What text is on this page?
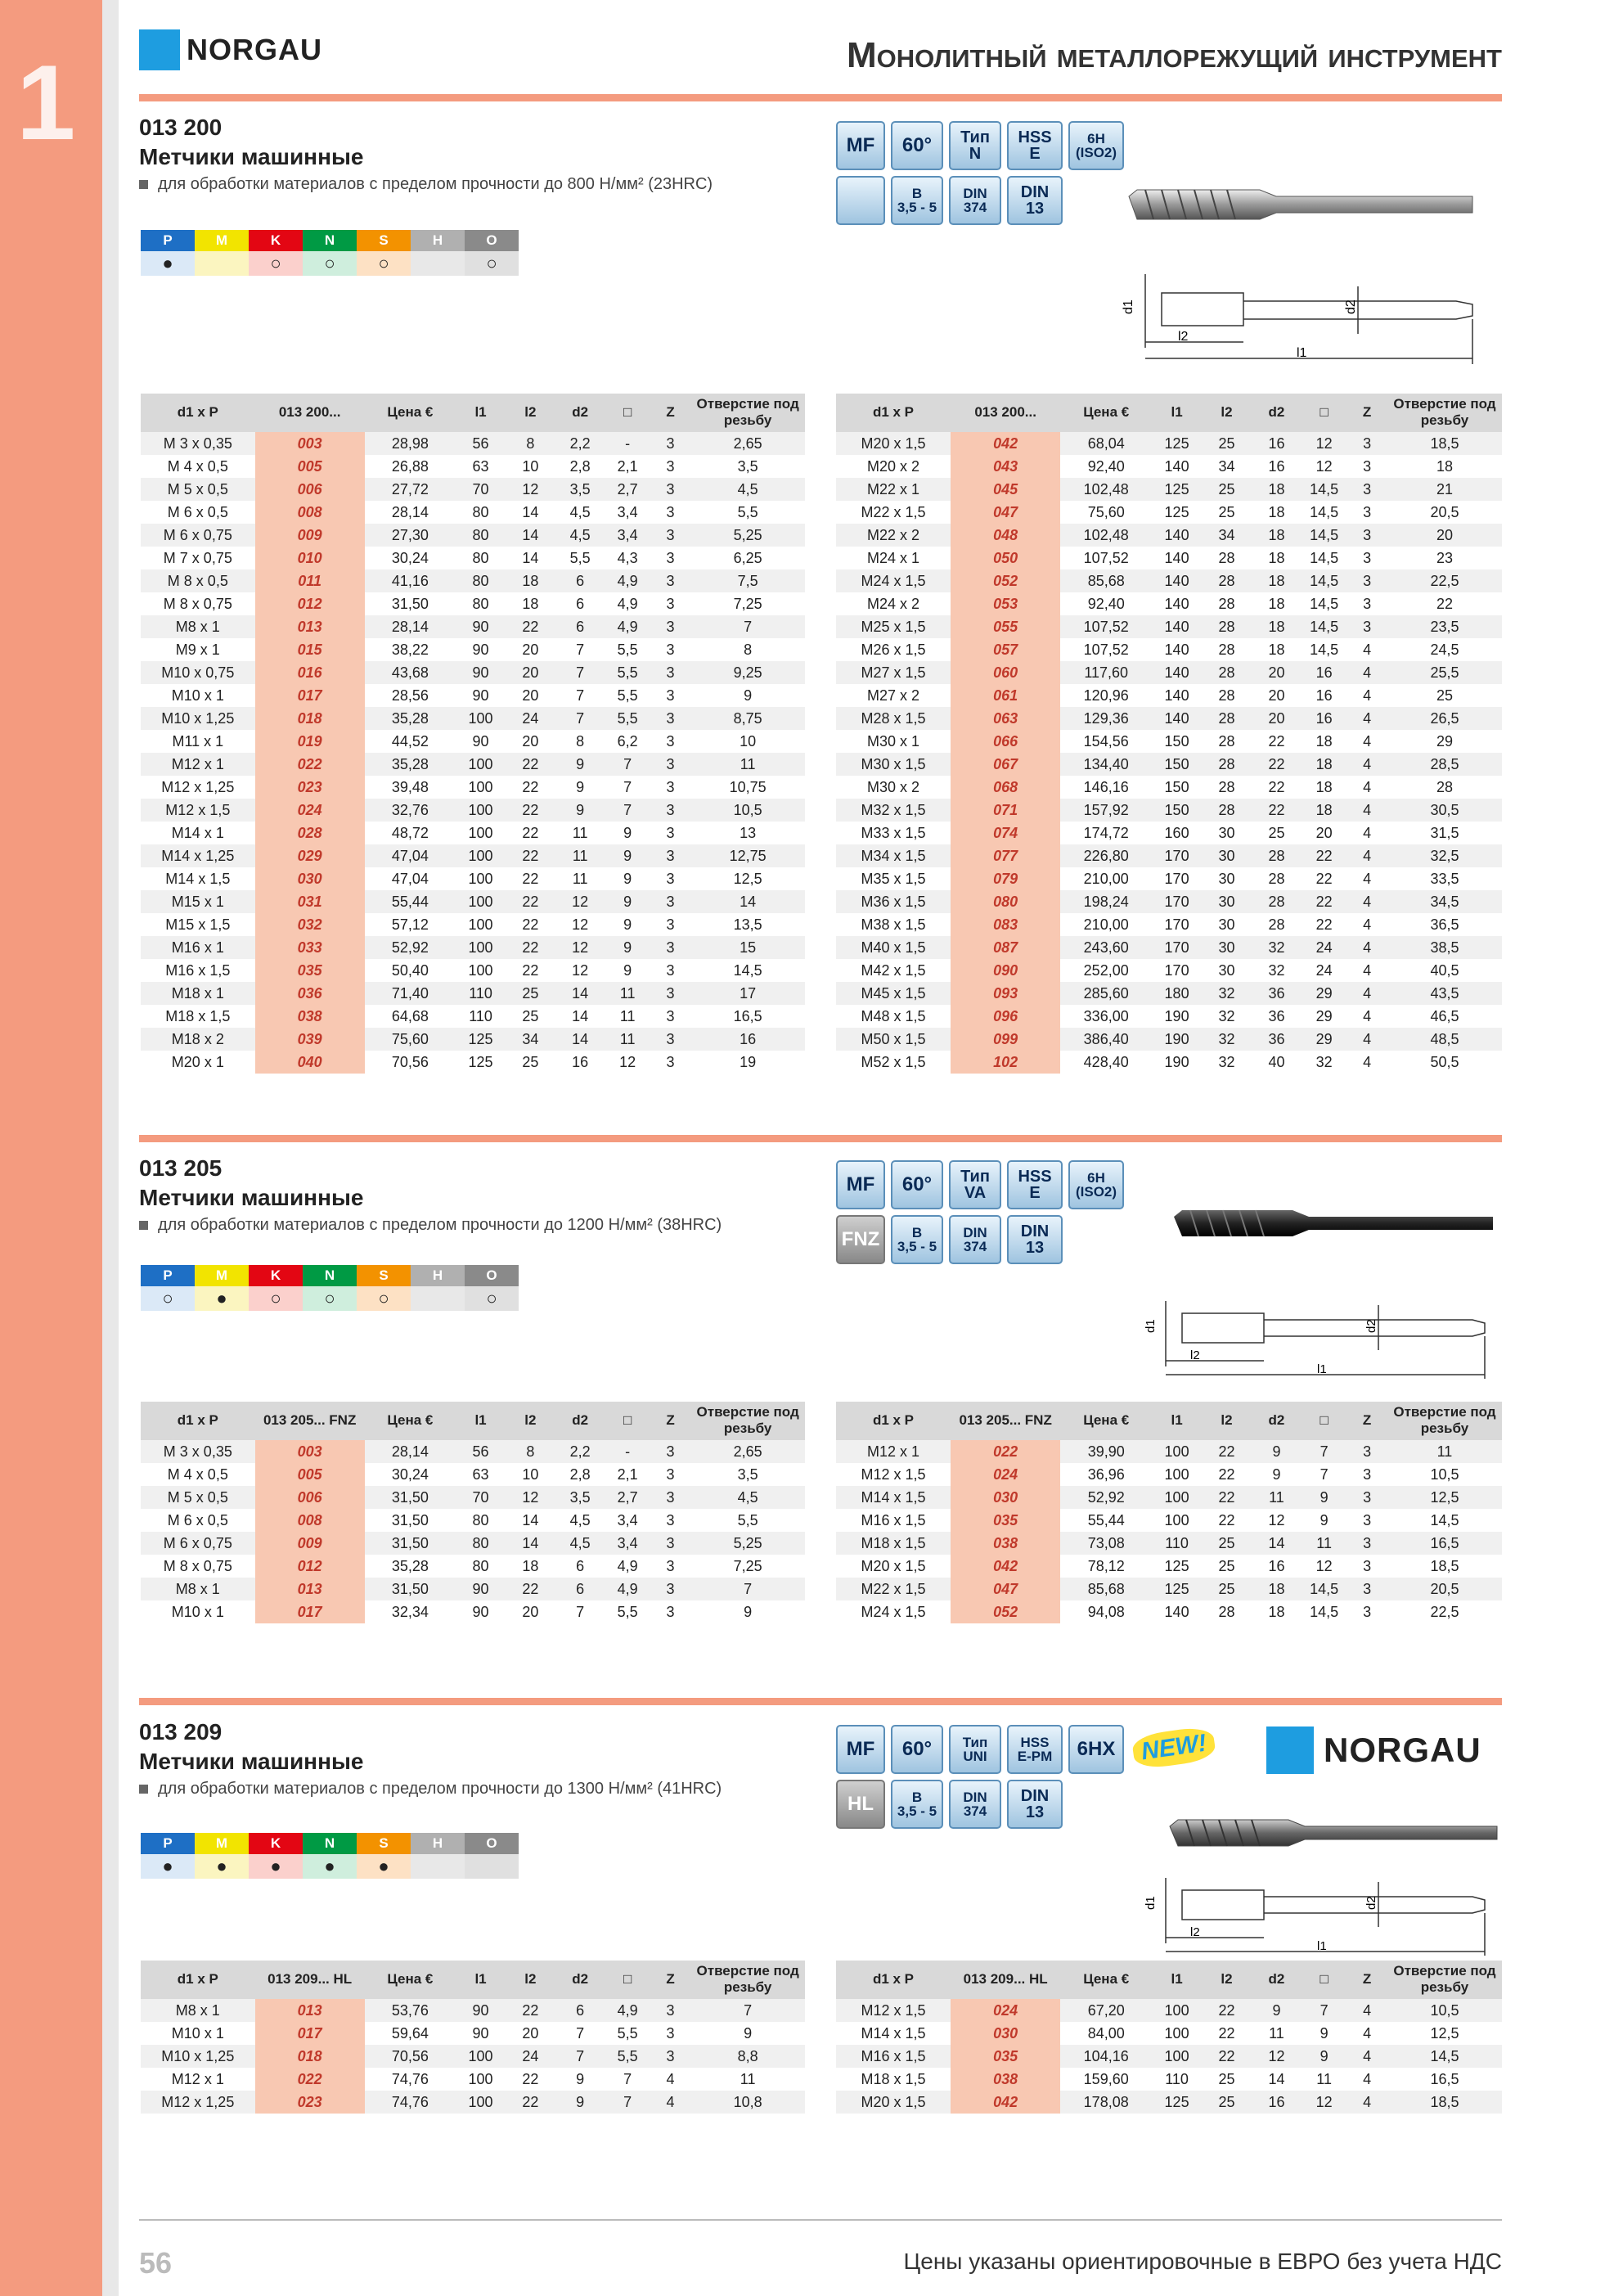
1	NORGAU	Монолитный металлорежущий инструмент
013 200
Метчики машинные
для обработки материалов с пределом прочности до 800 Н/мм² (23HRC)
P	M	K	N	S	H	O
●	○	○	○	○
MF	60°	Тип
N
HSS
E
6H
(ISO2)
B
3,5 - 5
DIN
374
DIN
13
d1	d2
l2
l1
d1 x P	013 200...	Цена €	l1	l2	d2	□	Z	Отверстие под резьбу
M 3 x 0,35	003	28,98	56	8	2,2	-	3	2,65
M 4 x 0,5	005	26,88	63	10	2,8	2,1	3	3,5
M 5 x 0,5	006	27,72	70	12	3,5	2,7	3	4,5
M 6 x 0,5	008	28,14	80	14	4,5	3,4	3	5,5
M 6 x 0,75	009	27,30	80	14	4,5	3,4	3	5,25
M 7 x 0,75	010	30,24	80	14	5,5	4,3	3	6,25
M 8 x 0,5	011	41,16	80	18	6	4,9	3	7,5
M 8 x 0,75	012	31,50	80	18	6	4,9	3	7,25
M8 x 1	013	28,14	90	22	6	4,9	3	7
M9 x 1	015	38,22	90	20	7	5,5	3	8
M10 x 0,75	016	43,68	90	20	7	5,5	3	9,25
M10 x 1	017	28,56	90	20	7	5,5	3	9
M10 x 1,25	018	35,28	100	24	7	5,5	3	8,75
M11 x 1	019	44,52	90	20	8	6,2	3	10
M12 x 1	022	35,28	100	22	9	7	3	11
M12 x 1,25	023	39,48	100	22	9	7	3	10,75
M12 x 1,5	024	32,76	100	22	9	7	3	10,5
M14 x 1	028	48,72	100	22	11	9	3	13
M14 x 1,25	029	47,04	100	22	11	9	3	12,75
M14 x 1,5	030	47,04	100	22	11	9	3	12,5
M15 x 1	031	55,44	100	22	12	9	3	14
M15 x 1,5	032	57,12	100	22	12	9	3	13,5
M16 x 1	033	52,92	100	22	12	9	3	15
M16 x 1,5	035	50,40	100	22	12	9	3	14,5
M18 x 1	036	71,40	110	25	14	11	3	17
M18 x 1,5	038	64,68	110	25	14	11	3	16,5
M18 x 2	039	75,60	125	34	14	11	3	16
M20 x 1	040	70,56	125	25	16	12	3	19
d1 x P	013 200...	Цена €	l1	l2	d2	□	Z	Отверстие под резьбу
M20 x 1,5	042	68,04	125	25	16	12	3	18,5
M20 x 2	043	92,40	140	34	16	12	3	18
M22 x 1	045	102,48	125	25	18	14,5	3	21
M22 x 1,5	047	75,60	125	25	18	14,5	3	20,5
M22 x 2	048	102,48	140	34	18	14,5	3	20
M24 x 1	050	107,52	140	28	18	14,5	3	23
M24 x 1,5	052	85,68	140	28	18	14,5	3	22,5
M24 x 2	053	92,40	140	28	18	14,5	3	22
M25 x 1,5	055	107,52	140	28	18	14,5	3	23,5
M26 x 1,5	057	107,52	140	28	18	14,5	4	24,5
M27 x 1,5	060	117,60	140	28	20	16	4	25,5
M27 x 2	061	120,96	140	28	20	16	4	25
M28 x 1,5	063	129,36	140	28	20	16	4	26,5
M30 x 1	066	154,56	150	28	22	18	4	29
M30 x 1,5	067	134,40	150	28	22	18	4	28,5
M30 x 2	068	146,16	150	28	22	18	4	28
M32 x 1,5	071	157,92	150	28	22	18	4	30,5
M33 x 1,5	074	174,72	160	30	25	20	4	31,5
M34 x 1,5	077	226,80	170	30	28	22	4	32,5
M35 x 1,5	079	210,00	170	30	28	22	4	33,5
M36 x 1,5	080	198,24	170	30	28	22	4	34,5
M38 x 1,5	083	210,00	170	30	28	22	4	36,5
M40 x 1,5	087	243,60	170	30	32	24	4	38,5
M42 x 1,5	090	252,00	170	30	32	24	4	40,5
M45 x 1,5	093	285,60	180	32	36	29	4	43,5
M48 x 1,5	096	336,00	190	32	36	29	4	46,5
M50 x 1,5	099	386,40	190	32	36	29	4	48,5
M52 x 1,5	102	428,40	190	32	40	32	4	50,5
013 205
Метчики машинные
для обработки материалов с пределом прочности до 1200 Н/мм² (38HRC)
P	M	K	N	S	H	O
○	●	○	○	○	○
MF	60°	Тип
VA
HSS
E
6H
(ISO2)
FNZ	B
3,5 - 5
DIN
374
DIN
13
d1	d2
l2
l1
d1 x P	013 205... FNZ	Цена €	l1	l2	d2	□	Z	Отверстие под резьбу
M 3 x 0,35	003	28,14	56	8	2,2	-	3	2,65
M 4 x 0,5	005	30,24	63	10	2,8	2,1	3	3,5
M 5 x 0,5	006	31,50	70	12	3,5	2,7	3	4,5
M 6 x 0,5	008	31,50	80	14	4,5	3,4	3	5,5
M 6 x 0,75	009	31,50	80	14	4,5	3,4	3	5,25
M 8 x 0,75	012	35,28	80	18	6	4,9	3	7,25
M8 x 1	013	31,50	90	22	6	4,9	3	7
M10 x 1	017	32,34	90	20	7	5,5	3	9
d1 x P	013 205... FNZ	Цена €	l1	l2	d2	□	Z	Отверстие под резьбу
M12 x 1	022	39,90	100	22	9	7	3	11
M12 x 1,5	024	36,96	100	22	9	7	3	10,5
M14 x 1,5	030	52,92	100	22	11	9	3	12,5
M16 x 1,5	035	55,44	100	22	12	9	3	14,5
M18 x 1,5	038	73,08	110	25	14	11	3	16,5
M20 x 1,5	042	78,12	125	25	16	12	3	18,5
M22 x 1,5	047	85,68	125	25	18	14,5	3	20,5
M24 x 1,5	052	94,08	140	28	18	14,5	3	22,5
013 209
Метчики машинные
для обработки материалов с пределом прочности до 1300 Н/мм² (41HRC)
P	M	K	N	S	H	O
●	●	●	●	●
MF	60°	Тип
UNI
HSS
E-PM	6HX
HL	B
3,5 - 5
DIN
374
DIN
13
NEW!	NORGAU
d1	d2
l2
l1
d1 x P	013 209... HL	Цена €	l1	l2	d2	□	Z	Отверстие под резьбу
M8 x 1	013	53,76	90	22	6	4,9	3	7
M10 x 1	017	59,64	90	20	7	5,5	3	9
M10 x 1,25	018	70,56	100	24	7	5,5	3	8,8
M12 x 1	022	74,76	100	22	9	7	4	11
M12 x 1,25	023	74,76	100	22	9	7	4	10,8
d1 x P	013 209... HL	Цена €	l1	l2	d2	□	Z	Отверстие под резьбу
M12 x 1,5	024	67,20	100	22	9	7	4	10,5
M14 x 1,5	030	84,00	100	22	11	9	4	12,5
M16 x 1,5	035	104,16	100	22	12	9	4	14,5
M18 x 1,5	038	159,60	110	25	14	11	4	16,5
M20 x 1,5	042	178,08	125	25	16	12	4	18,5
56	Цены указаны ориентировочные в ЕВРО без учета НДС
